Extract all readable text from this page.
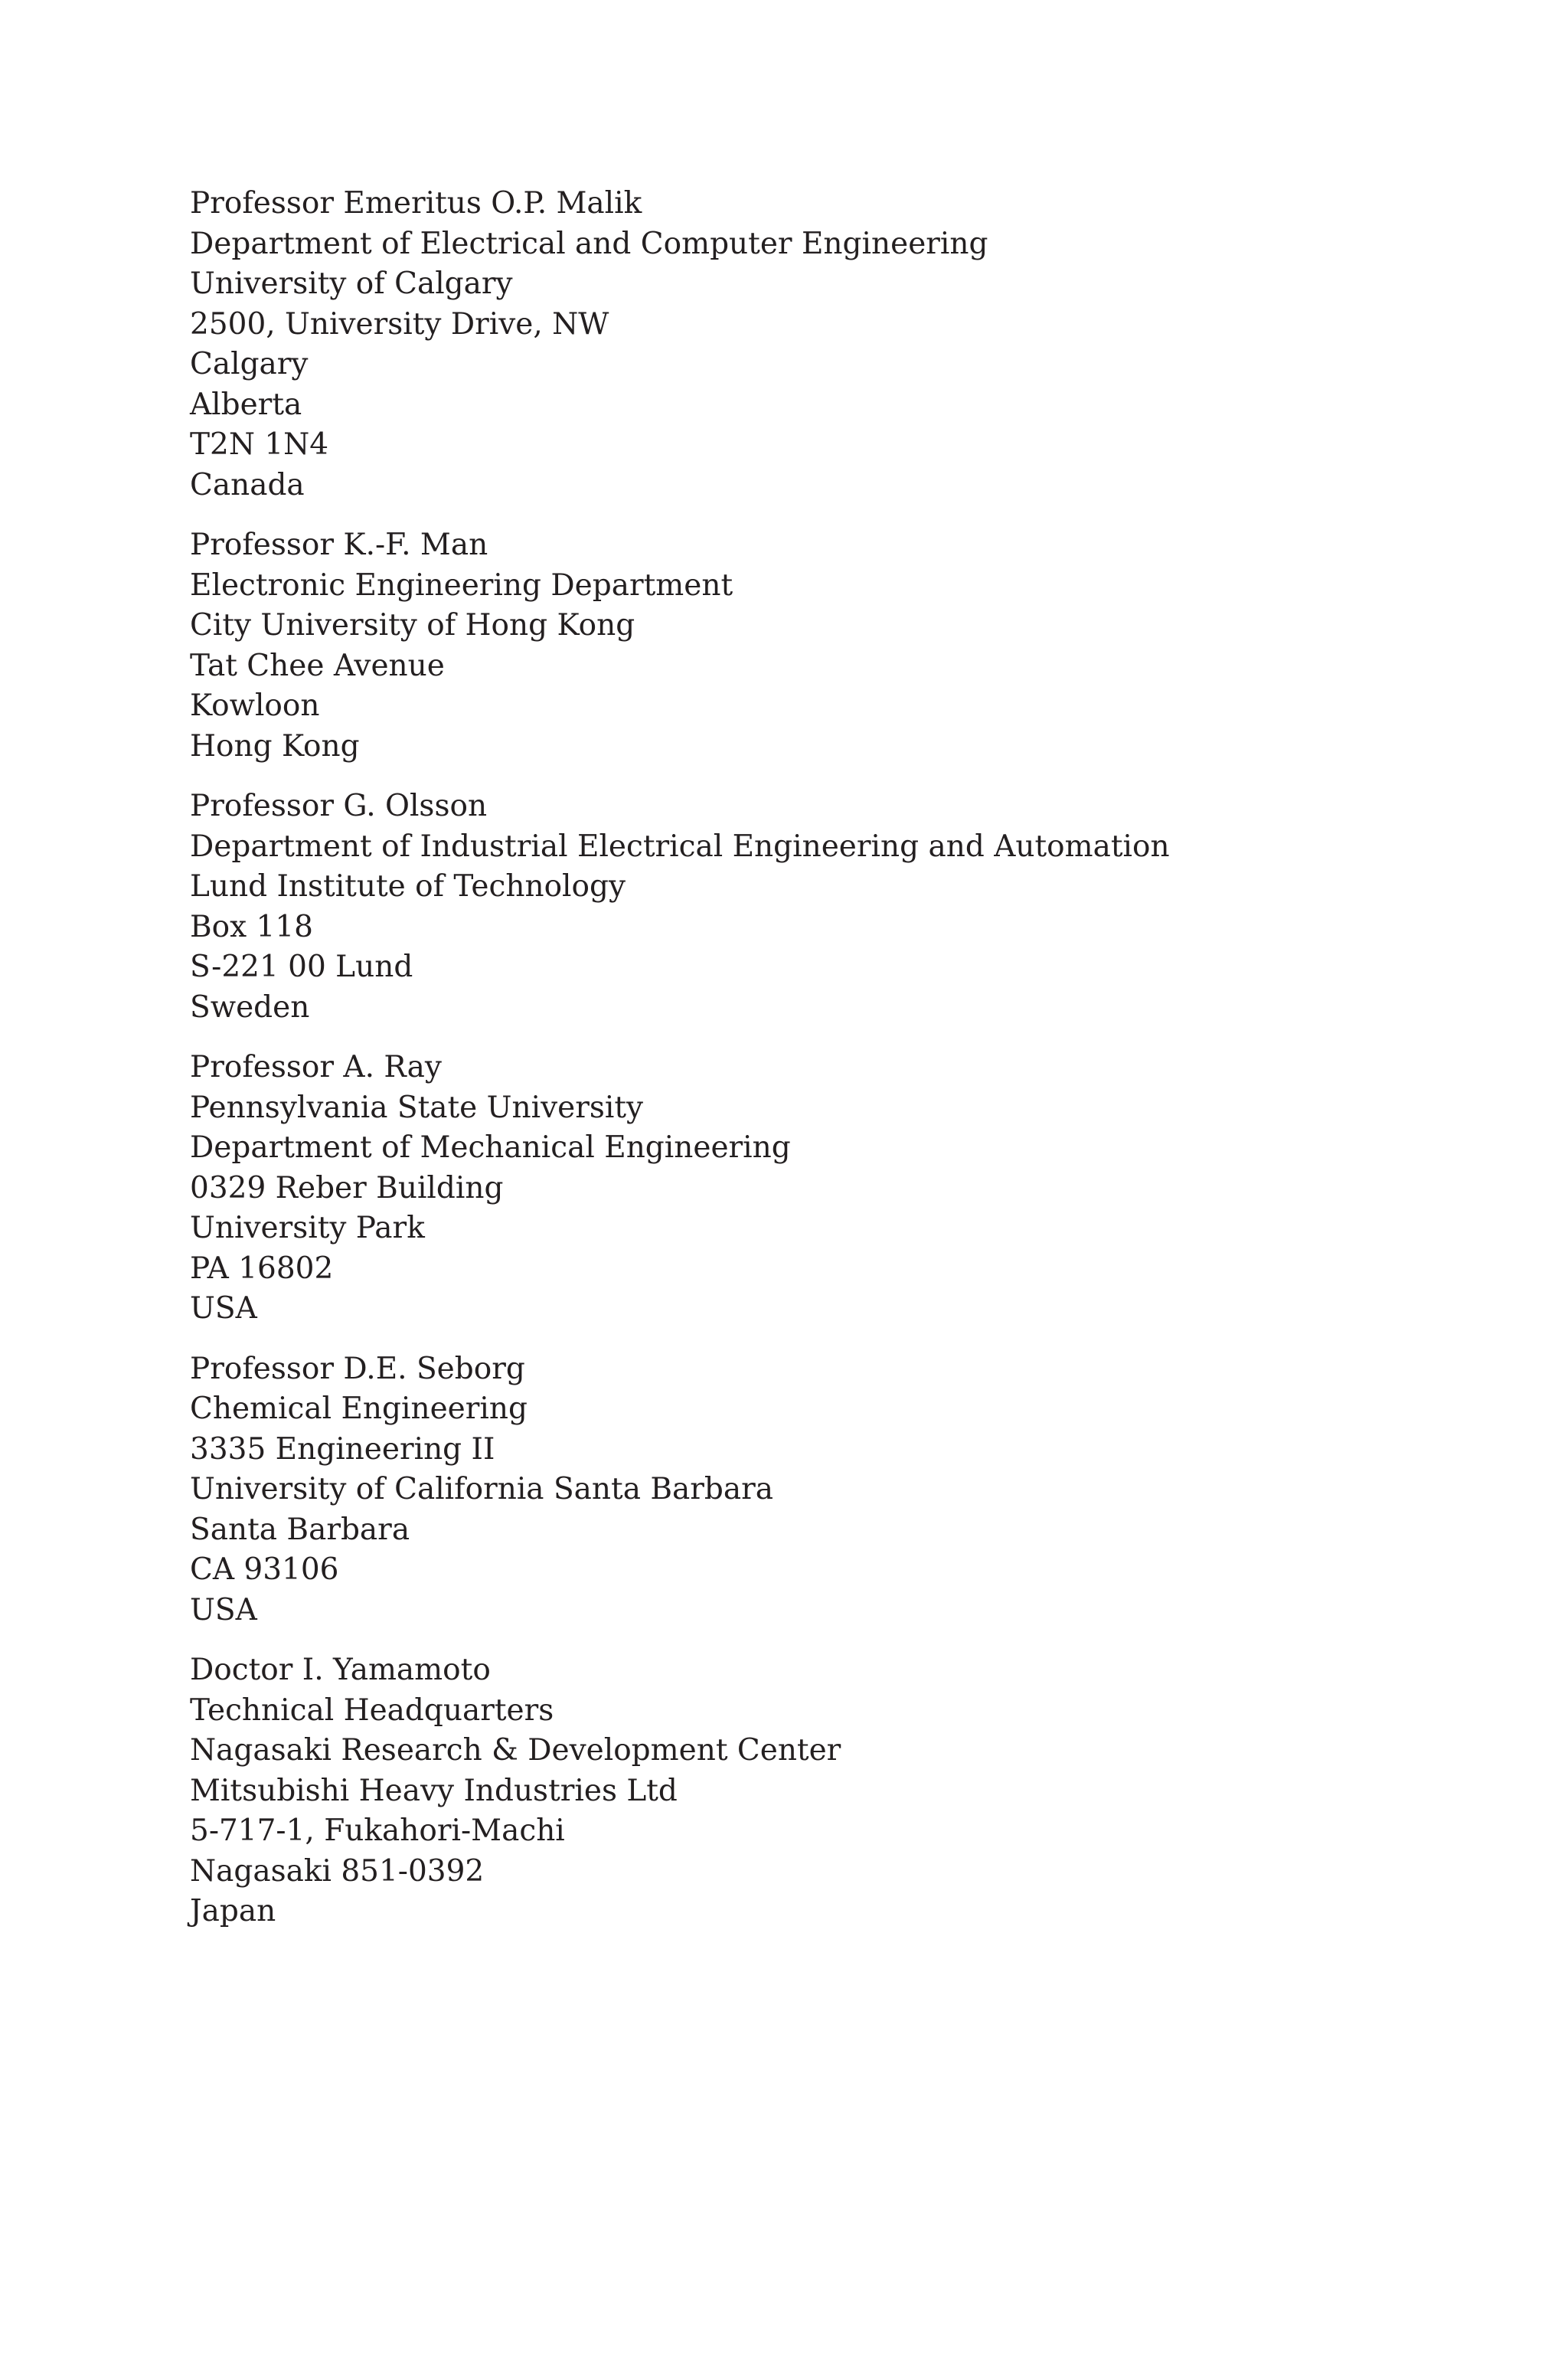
Professor Emeritus O.P. Malik
Department of Electrical and Computer Engineering
University of Calgary
2500, University Drive, NW
Calgary
Alberta
T2N 1N4
Canada
Professor K.-F. Man
Electronic Engineering Department
City University of Hong Kong
Tat Chee Avenue
Kowloon
Hong Kong
Professor G. Olsson
Department of Industrial Electrical Engineering and Automation
Lund Institute of Technology
Box 118
S-221 00 Lund
Sweden
Professor A. Ray
Pennsylvania State University
Department of Mechanical Engineering
0329 Reber Building
University Park
PA 16802
USA
Professor D.E. Seborg
Chemical Engineering
3335 Engineering II
University of California Santa Barbara
Santa Barbara
CA 93106
USA
Doctor I. Yamamoto
Technical Headquarters
Nagasaki Research & Development Center
Mitsubishi Heavy Industries Ltd
5-717-1, Fukahori-Machi
Nagasaki 851-0392
Japan
